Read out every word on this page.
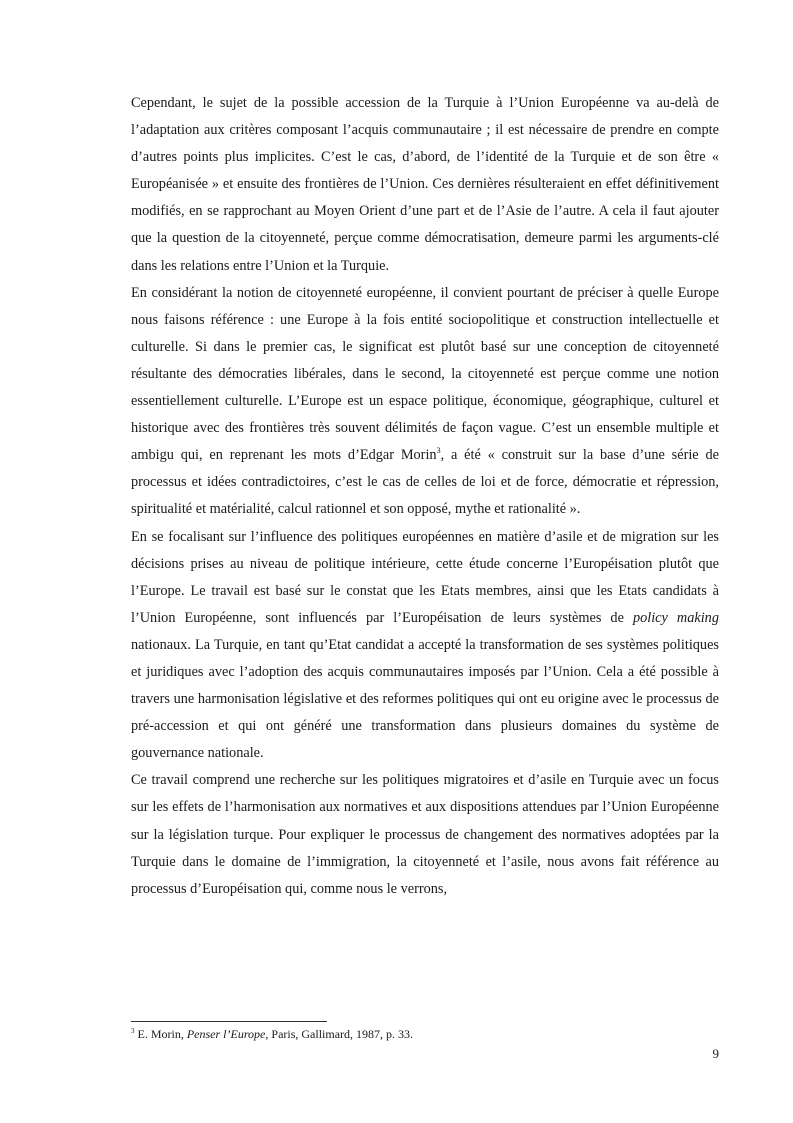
Cependant, le sujet de la possible accession de la Turquie à l’Union Européenne va au-delà de l’adaptation aux critères composant l’acquis communautaire ; il est nécessaire de prendre en compte d’autres points plus implicites. C’est le cas, d’abord, de l’identité de la Turquie et de son être « Européanisée » et ensuite des frontières de l’Union. Ces dernières résulteraient en effet définitivement modifiés, en se rapprochant au Moyen Orient d’une part et de l’Asie de l’autre. A cela il faut ajouter que la question de la citoyenneté, perçue comme démocratisation, demeure parmi les arguments-clé dans les relations entre l’Union et la Turquie.

En considérant la notion de citoyenneté européenne, il convient pourtant de préciser à quelle Europe nous faisons référence : une Europe à la fois entité sociopolitique et construction intellectuelle et culturelle. Si dans le premier cas, le significat est plutôt basé sur une conception de citoyenneté résultante des démocraties libérales, dans le second, la citoyenneté est perçue comme une notion essentiellement culturelle. L’Europe est un espace politique, économique, géographique, culturel et historique avec des frontières très souvent délimités de façon vague. C’est un ensemble multiple et ambigu qui, en reprenant les mots d’Edgar Morin$^3$, a été « construit sur la base d’une série de processus et idées contradictoires, c’est le cas de celles de loi et de force, démocratie et répression, spiritualité et matérialité, calcul rationnel et son opposé, mythe et rationalité ».

En se focalisant sur l’influence des politiques européennes en matière d’asile et de migration sur les décisions prises au niveau de politique intérieure, cette étude concerne l’Européisation plutôt que l’Europe. Le travail est basé sur le constat que les Etats membres, ainsi que les Etats candidats à l’Union Européenne, sont influencés par l’Européisation de leurs systèmes de policy making nationaux. La Turquie, en tant qu’Etat candidat a accepté la transformation de ses systèmes politiques et juridiques avec l’adoption des acquis communautaires imposés par l’Union. Cela a été possible à travers une harmonisation législative et des reformes politiques qui ont eu origine avec le processus de pré-accession et qui ont généré une transformation dans plusieurs domaines du système de gouvernance nationale.

Ce travail comprend une recherche sur les politiques migratoires et d’asile en Turquie avec un focus sur les effets de l’harmonisation aux normatives et aux dispositions attendues par l’Union Européenne sur la législation turque. Pour expliquer le processus de changement des normatives adoptées par la Turquie dans le domaine de l’immigration, la citoyenneté et l’asile, nous avons fait référence au processus d’Européisation qui, comme nous le verrons,

$^3$ E. Morin, Penser l’Europe, Paris, Gallimard, 1987, p. 33.
9
